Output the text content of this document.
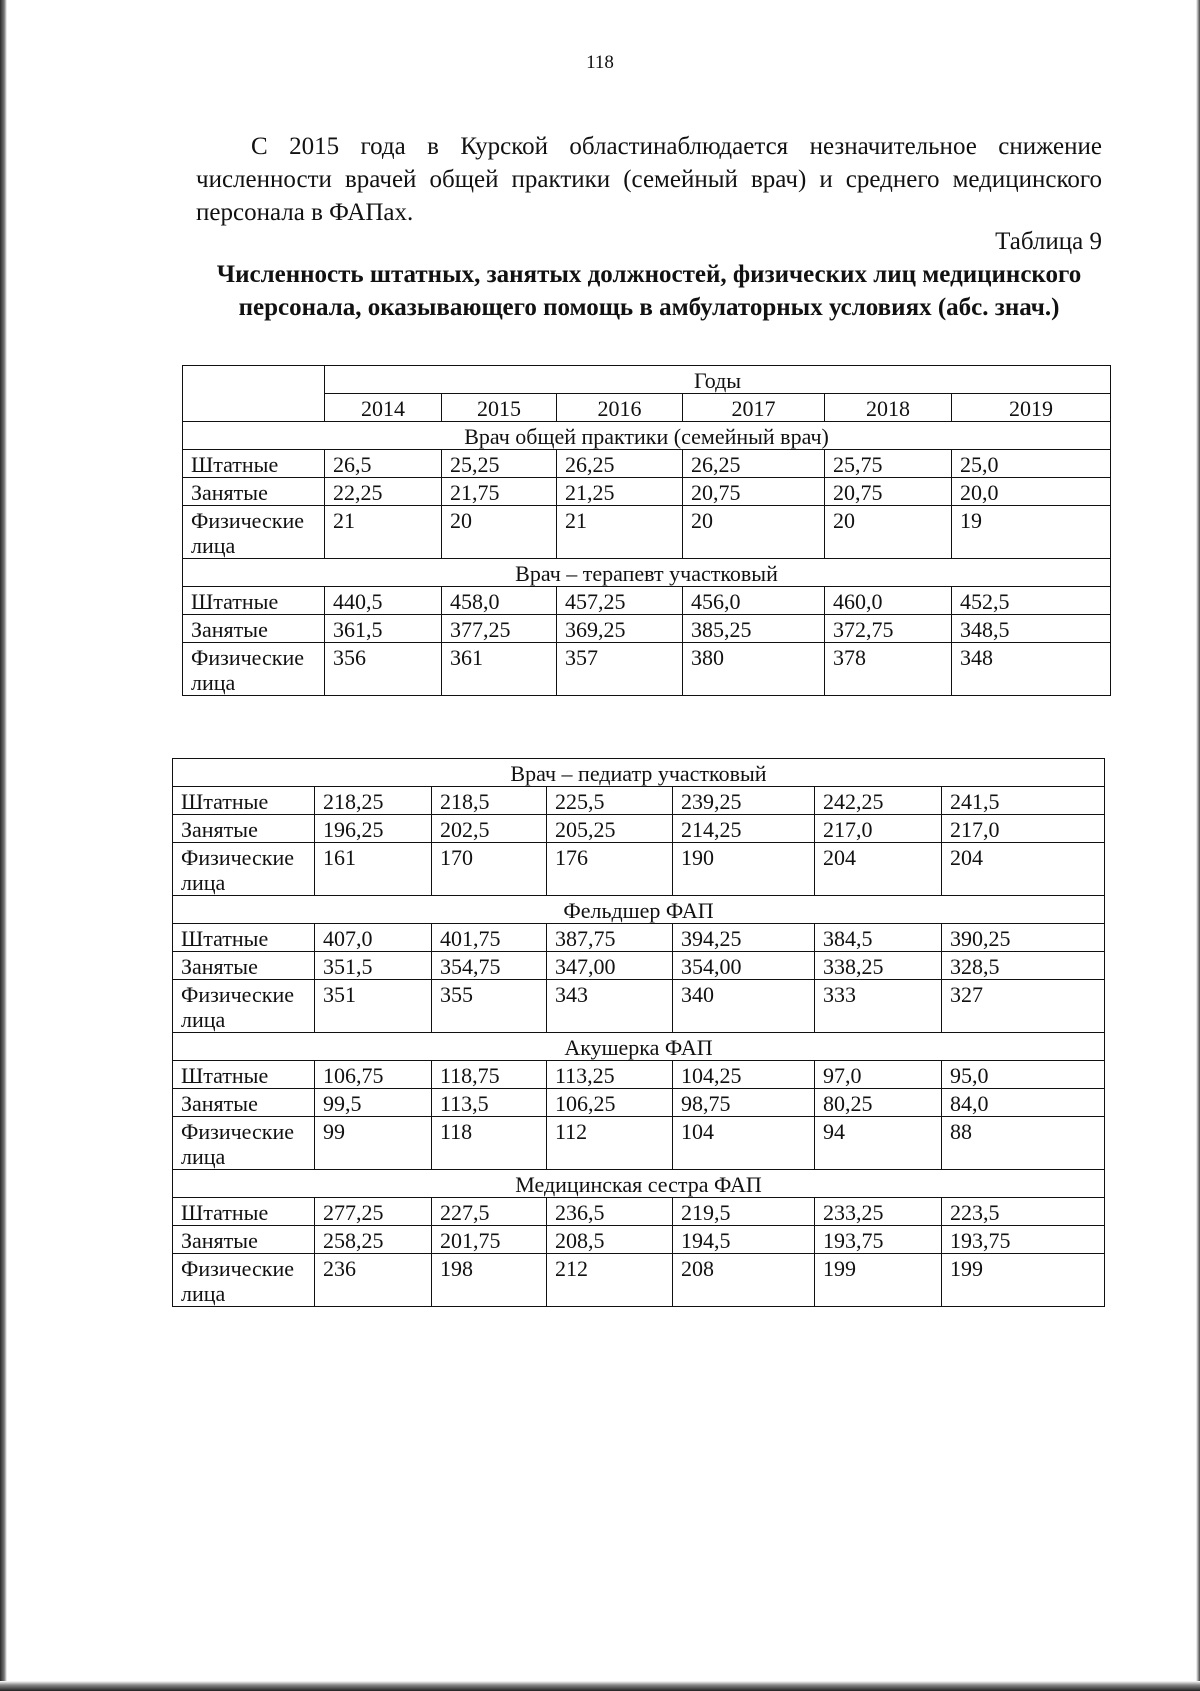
118

С 2015 года в Курской областинаблюдается незначительное снижение численности врачей общей практики (семейный врач) и среднего медицинского персонала в ФАПах.

Таблица 9

Численность штатных, занятых должностей, физических лиц медицинского персонала, оказывающего помощь в амбулаторных условиях (абс. знач.)

	Годы					
	2014	2015	2016	2017	2018	2019
Врач общей практики (семейный врач)						
Штатные	26,5	25,25	26,25	26,25	25,75	25,0
Занятые	22,25	21,75	21,25	20,75	20,75	20,0
Физические лица	21	20	21	20	20	19
Врач – терапевт участковый						
Штатные	440,5	458,0	457,25	456,0	460,0	452,5
Занятые	361,5	377,25	369,25	385,25	372,75	348,5
Физические лица	356	361	357	380	378	348
Врач – педиатр участковый						
Штатные	218,25	218,5	225,5	239,25	242,25	241,5
Занятые	196,25	202,5	205,25	214,25	217,0	217,0
Физические лица	161	170	176	190	204	204
Фельдшер ФАП						
Штатные	407,0	401,75	387,75	394,25	384,5	390,25
Занятые	351,5	354,75	347,00	354,00	338,25	328,5
Физические лица	351	355	343	340	333	327
Акушерка ФАП						
Штатные	106,75	118,75	113,25	104,25	97,0	95,0
Занятые	99,5	113,5	106,25	98,75	80,25	84,0
Физические лица	99	118	112	104	94	88
Медицинская сестра ФАП						
Штатные	277,25	227,5	236,5	219,5	233,25	223,5
Занятые	258,25	201,75	208,5	194,5	193,75	193,75
Физические лица	236	198	212	208	199	199
